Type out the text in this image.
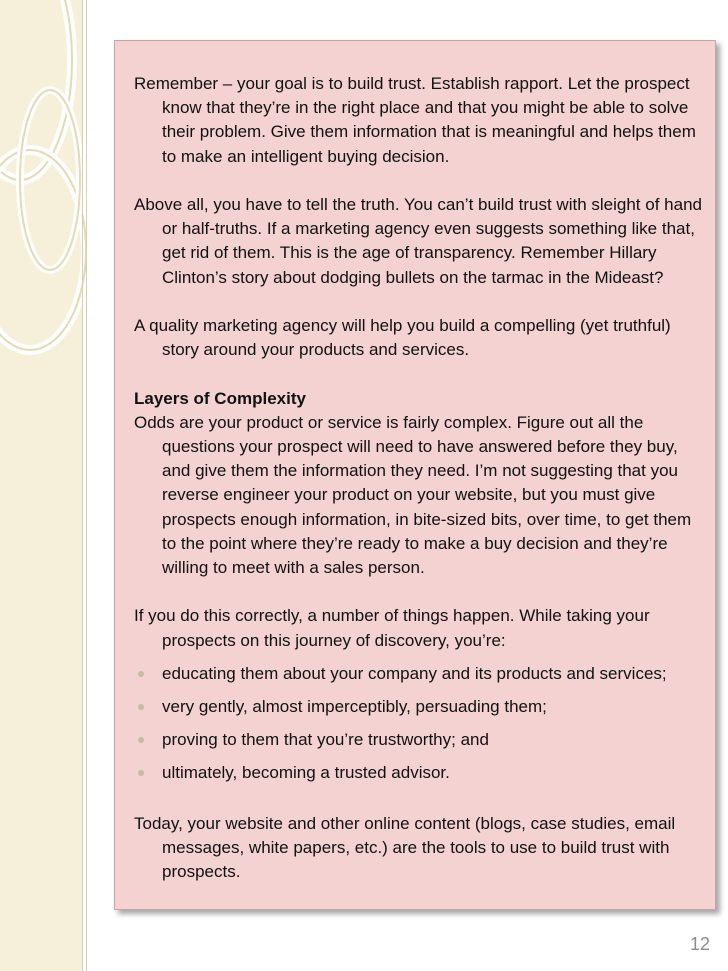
Remember – your goal is to build trust. Establish rapport. Let the prospect know that they’re in the right place and that you might be able to solve their problem. Give them information that is meaningful and helps them to make an intelligent buying decision.

Above all, you have to tell the truth. You can’t build trust with sleight of hand or half-truths. If a marketing agency even suggests something like that, get rid of them. This is the age of transparency. Remember Hillary Clinton’s story about dodging bullets on the tarmac in the Mideast?

A quality marketing agency will help you build a compelling (yet truthful) story around your products and services.

Layers of Complexity

Odds are your product or service is fairly complex. Figure out all the questions your prospect will need to have answered before they buy, and give them the information they need. I’m not suggesting that you reverse engineer your product on your website, but you must give prospects enough information, in bite-sized bits, over time, to get them to the point where they’re ready to make a buy decision and they’re willing to meet with a sales person.

If you do this correctly, a number of things happen. While taking your prospects on this journey of discovery, you’re:

educating them about your company and its products and services;
very gently, almost imperceptibly, persuading them;
proving to them that you’re trustworthy; and
ultimately, becoming a trusted advisor.

Today, your website and other online content (blogs, case studies, email messages, white papers, etc.) are the tools to use to build trust with prospects.

12
